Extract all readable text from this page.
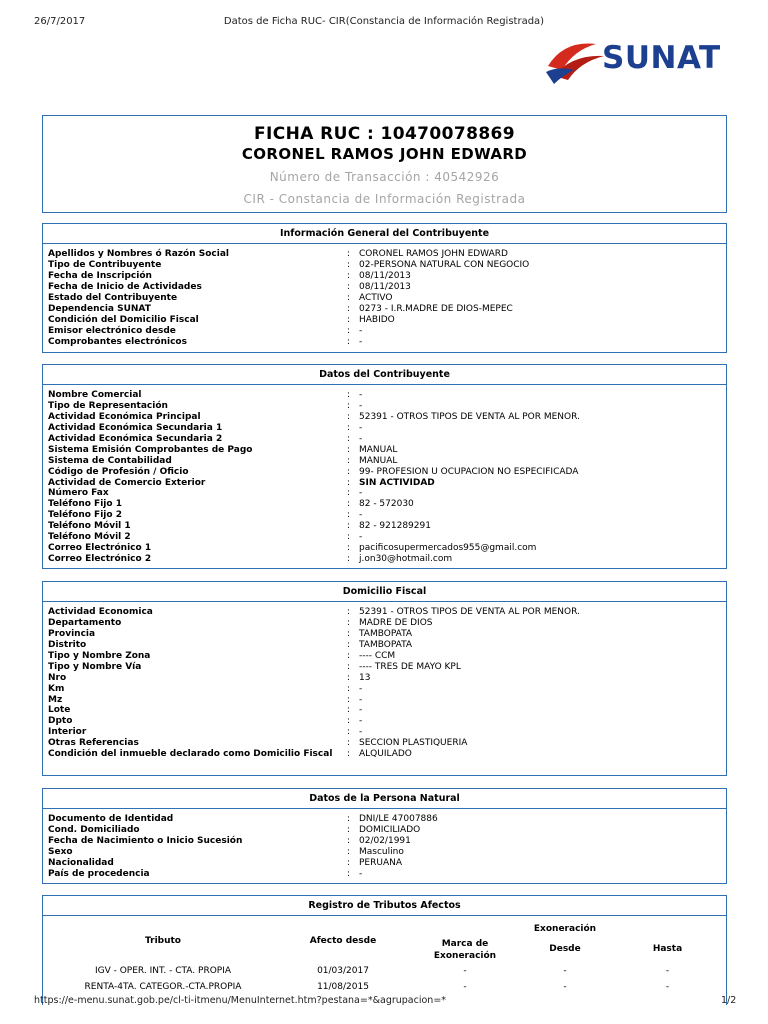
26/7/2017	Datos de Ficha RUC- CIR(Constancia de Información Registrada)
SUNAT
FICHA RUC : 10470078869
CORONEL RAMOS JOHN EDWARD
Número de Transacción : 40542926
CIR - Constancia de Información Registrada
Información General del Contribuyente
Apellidos y Nombres ó Razón Social	: CORONEL RAMOS JOHN EDWARD
Tipo de Contribuyente	: 02-PERSONA NATURAL CON NEGOCIO
Fecha de Inscripción	: 08/11/2013
Fecha de Inicio de Actividades	: 08/11/2013
Estado del Contribuyente	: ACTIVO
Dependencia SUNAT	: 0273 - I.R.MADRE DE DIOS-MEPEC
Condición del Domicilio Fiscal	: HABIDO
Emisor electrónico desde	: -
Comprobantes electrónicos	: -
Datos del Contribuyente
Nombre Comercial	: -
Tipo de Representación	: -
Actividad Económica Principal	: 52391 - OTROS TIPOS DE VENTA AL POR MENOR.
Actividad Económica Secundaria 1	: -
Actividad Económica Secundaria 2	: -
Sistema Emisión Comprobantes de Pago	: MANUAL
Sistema de Contabilidad	: MANUAL
Código de Profesión / Oficio	: 99- PROFESION U OCUPACION NO ESPECIFICADA
Actividad de Comercio Exterior	: SIN ACTIVIDAD
Número Fax	: -
Teléfono Fijo 1	: 82 - 572030
Teléfono Fijo 2	: -
Teléfono Móvil 1	: 82 - 921289291
Teléfono Móvil 2	: -
Correo Electrónico 1	: pacificosupermercados955@gmail.com
Correo Electrónico 2	: j.on30@hotmail.com
Domicilio Fiscal
Actividad Economica	: 52391 - OTROS TIPOS DE VENTA AL POR MENOR.
Departamento	: MADRE DE DIOS
Provincia	: TAMBOPATA
Distrito	: TAMBOPATA
Tipo y Nombre Zona	: ---- CCM
Tipo y Nombre Vía	: ---- TRES DE MAYO KPL
Nro	: 13
Km	: -
Mz	: -
Lote	: -
Dpto	: -
Interior	: -
Otras Referencias	: SECCION PLASTIQUERIA
Condición del inmueble declarado como Domicilio Fiscal	: ALQUILADO
Datos de la Persona Natural
Documento de Identidad	: DNI/LE 47007886
Cond. Domiciliado	: DOMICILIADO
Fecha de Nacimiento o Inicio Sucesión	: 02/02/1991
Sexo	: Masculino
Nacionalidad	: PERUANA
País de procedencia	: -
Registro de Tributos Afectos
Tributo	Afecto desde
Exoneración
Marca de Exoneración
Desde	Hasta
IGV - OPER. INT. - CTA. PROPIA	01/03/2017	-	-	-
RENTA-4TA. CATEGOR.-CTA.PROPIA	11/08/2015	-	-	-
https://e-menu.sunat.gob.pe/cl-ti-itmenu/MenuInternet.htm?pestana=*&agrupacion=*	1/2
